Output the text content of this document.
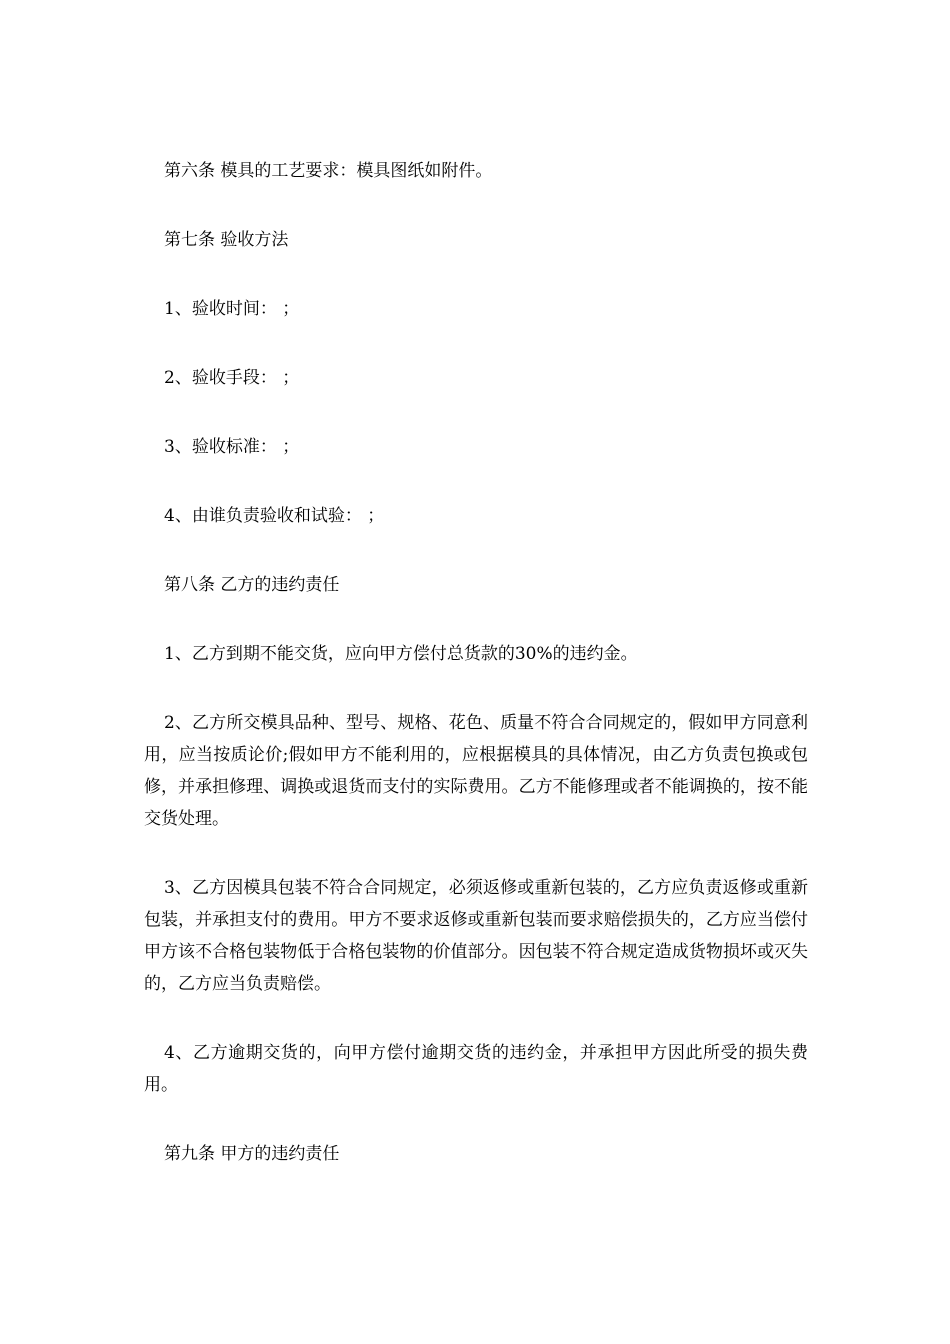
第六条 模具的工艺要求：模具图纸如附件。

第七条 验收方法

1、验收时间： ；

2、验收手段： ；

3、验收标准： ；

4、由谁负责验收和试验： ；

第八条 乙方的违约责任

1、乙方到期不能交货，应向甲方偿付总货款的30%的违约金。

2、乙方所交模具品种、型号、规格、花色、质量不符合合同规定的，假如甲方同意利用，应当按质论价;假如甲方不能利用的，应根据模具的具体情况，由乙方负责包换或包修，并承担修理、调换或退货而支付的实际费用。乙方不能修理或者不能调换的，按不能交货处理。

3、乙方因模具包装不符合合同规定，必须返修或重新包装的，乙方应负责返修或重新包装，并承担支付的费用。甲方不要求返修或重新包装而要求赔偿损失的，乙方应当偿付甲方该不合格包装物低于合格包装物的价值部分。因包装不符合规定造成货物损坏或灭失的，乙方应当负责赔偿。

4、乙方逾期交货的，向甲方偿付逾期交货的违约金，并承担甲方因此所受的损失费用。

第九条 甲方的违约责任
